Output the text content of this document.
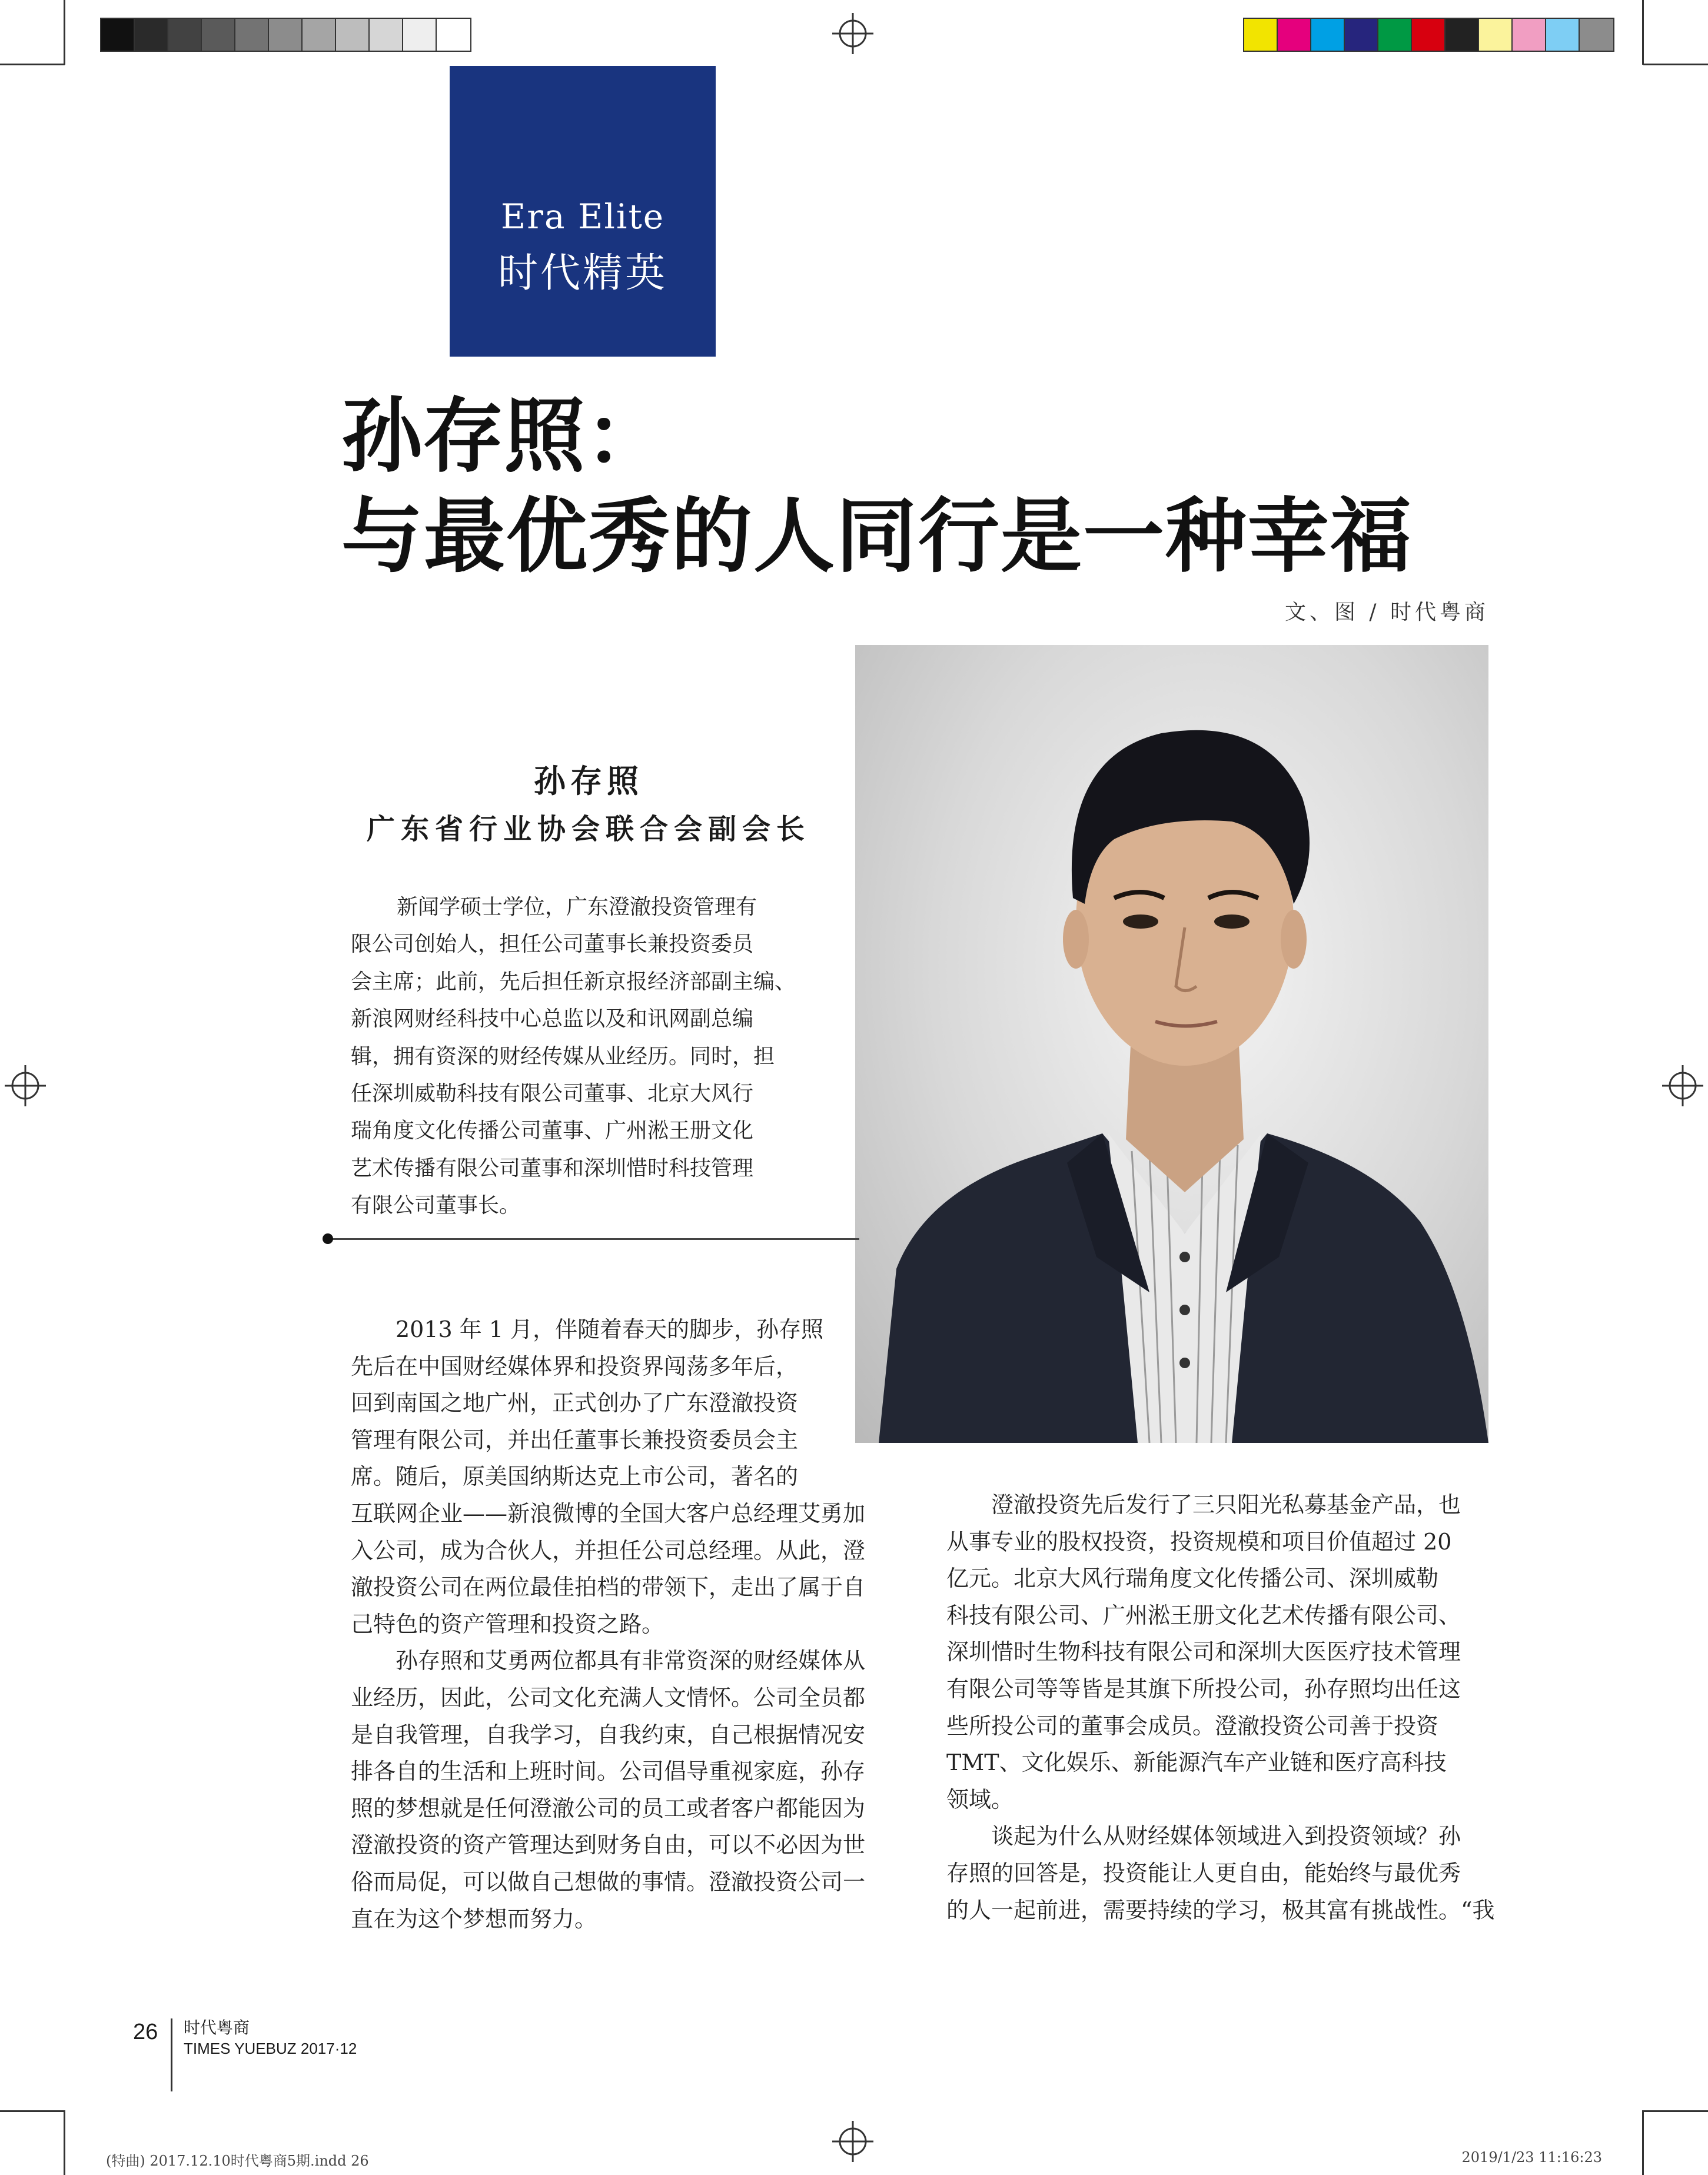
Era Elite
时代精英
孙存照：
与最优秀的人同行是一种幸福
文、图 / 时代粤商
孙存照
广东省行业协会联合会副会长
新闻学硕士学位，广东澄澈投资管理有
限公司创始人，担任公司董事长兼投资委员
会主席；此前，先后担任新京报经济部副主编、
新浪网财经科技中心总监以及和讯网副总编
辑，拥有资深的财经传媒从业经历。同时，担
任深圳威勒科技有限公司董事、北京大风行
瑞角度文化传播公司董事、广州淞王册文化
艺术传播有限公司董事和深圳惜时科技管理
有限公司董事长。
2013 年 1 月，伴随着春天的脚步，孙存照
先后在中国财经媒体界和投资界闯荡多年后，
回到南国之地广州，正式创办了广东澄澈投资
管理有限公司，并出任董事长兼投资委员会主
席。随后，原美国纳斯达克上市公司，著名的
互联网企业——新浪微博的全国大客户总经理艾勇加
入公司，成为合伙人，并担任公司总经理。从此，澄
澈投资公司在两位最佳拍档的带领下，走出了属于自
己特色的资产管理和投资之路。
孙存照和艾勇两位都具有非常资深的财经媒体从
业经历，因此，公司文化充满人文情怀。公司全员都
是自我管理，自我学习，自我约束，自己根据情况安
排各自的生活和上班时间。公司倡导重视家庭，孙存
照的梦想就是任何澄澈公司的员工或者客户都能因为
澄澈投资的资产管理达到财务自由，可以不必因为世
俗而局促，可以做自己想做的事情。澄澈投资公司一
直在为这个梦想而努力。
澄澈投资先后发行了三只阳光私募基金产品，也
从事专业的股权投资，投资规模和项目价值超过 20
亿元。北京大风行瑞角度文化传播公司、深圳威勒
科技有限公司、广州淞王册文化艺术传播有限公司、
深圳惜时生物科技有限公司和深圳大医医疗技术管理
有限公司等等皆是其旗下所投公司，孙存照均出任这
些所投公司的董事会成员。澄澈投资公司善于投资
TMT、文化娱乐、新能源汽车产业链和医疗高科技
领域。
谈起为什么从财经媒体领域进入到投资领域？孙
存照的回答是，投资能让人更自由，能始终与最优秀
的人一起前进，需要持续的学习，极其富有挑战性。“我
26 时代粤商
TIMES YUEBUZ 2017·12
(特曲) 2017.12.10时代粤商5期.indd 26	2019/1/23 11:16:23
